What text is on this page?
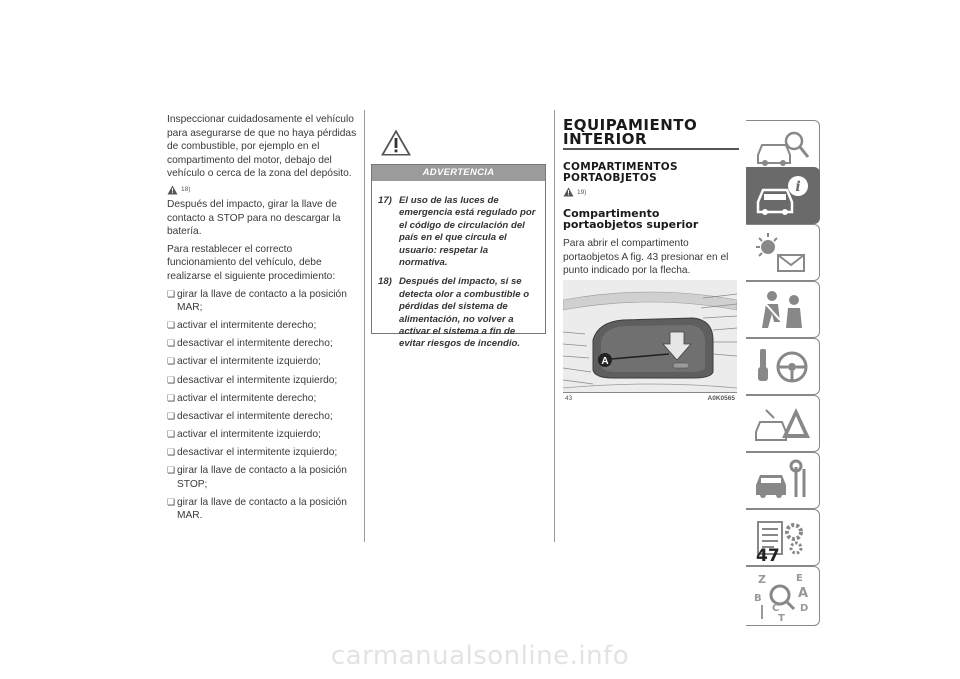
Inspeccionar cuidadosamente el vehículo para asegurarse de que no haya pérdidas de combustible, por ejemplo en el compartimento del motor, debajo del vehículo o cerca de la zona del depósito.

18)

Después del impacto, girar la llave de contacto a STOP para no descargar la batería.

Para restablecer el correcto funcionamiento del vehículo, debe realizarse el siguiente procedimiento:

❏ girar la llave de contacto a la posición MAR;
❏ activar el intermitente derecho;
❏ desactivar el intermitente derecho;
❏ activar el intermitente izquierdo;
❏ desactivar el intermitente izquierdo;
❏ activar el intermitente derecho;
❏ desactivar el intermitente derecho;
❏ activar el intermitente izquierdo;
❏ desactivar el intermitente izquierdo;
❏ girar la llave de contacto a la posición STOP;
❏ girar la llave de contacto a la posición MAR.
ADVERTENCIA
17) El uso de las luces de emergencia está regulado por el código de circulación del país en el que circula el usuario: respetar la normativa.
18) Después del impacto, si se detecta olor a combustible o pérdidas del sistema de alimentación, no volver a activar el sistema a fin de evitar riesgos de incendio.

EQUIPAMIENTO

INTERIOR

COMPARTIMENTOS

PORTAOBJETOS

19)

Compartimento

portaobjetos superior

Para abrir el compartimento portaobjetos A fig. 43 presionar en el punto indicado por la flecha.

A
43	A0K0565
i
Z	E
A
B
C
T
D
47
carmanualsonline.info
